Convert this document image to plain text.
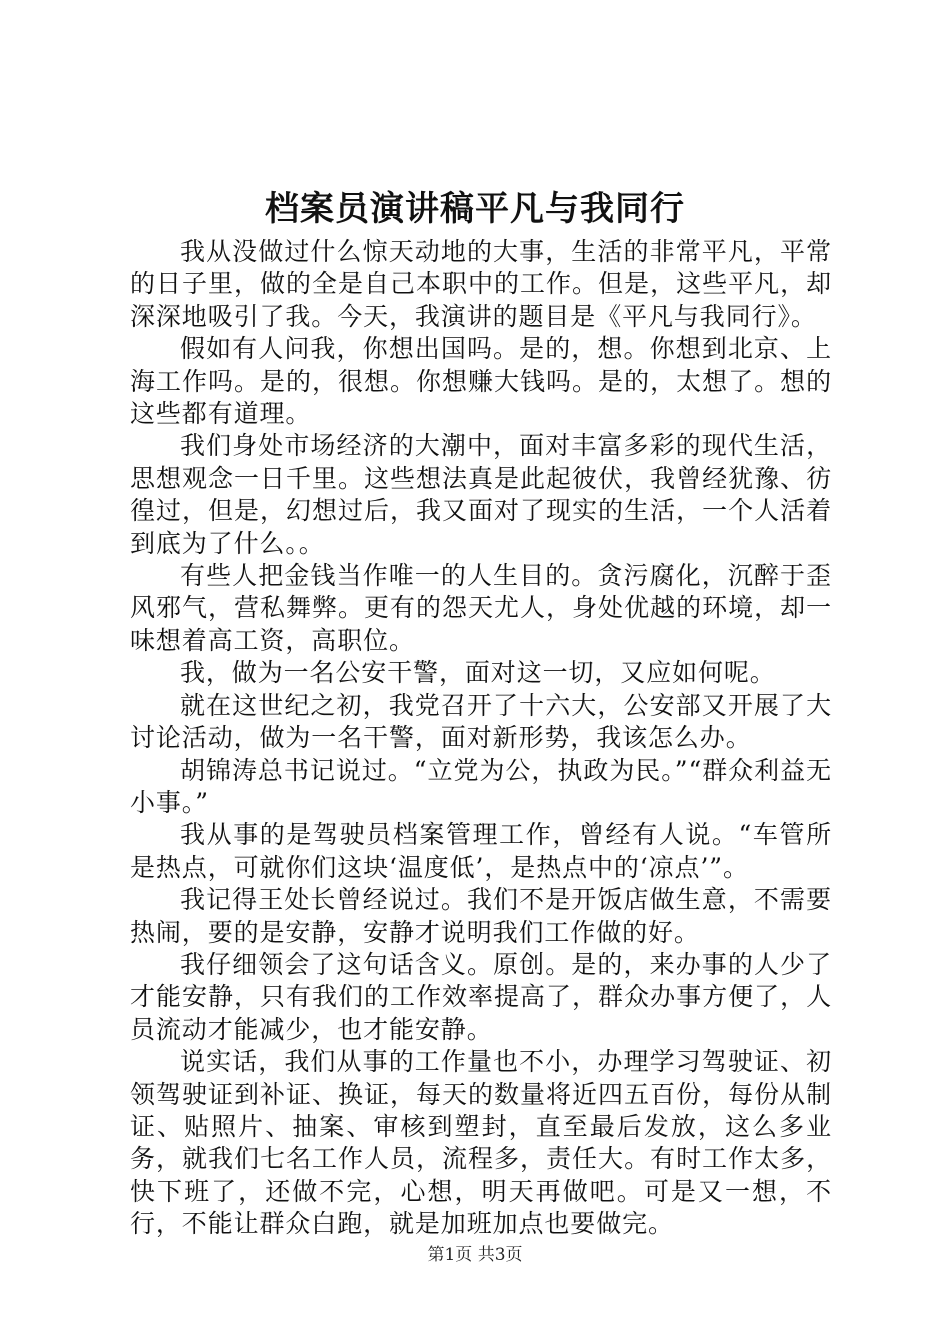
档案员演讲稿平凡与我同行

我从没做过什么惊天动地的大事，生活的非常平凡，平常的日子里，做的全是自己本职中的工作。但是，这些平凡，却深深地吸引了我。今天，我演讲的题目是《平凡与我同行》。

假如有人问我，你想出国吗。是的，想。你想到北京、上海工作吗。是的，很想。你想赚大钱吗。是的，太想了。想的这些都有道理。

我们身处市场经济的大潮中，面对丰富多彩的现代生活，思想观念一日千里。这些想法真是此起彼伏，我曾经犹豫、彷徨过，但是，幻想过后，我又面对了现实的生活，一个人活着到底为了什么。。

有些人把金钱当作唯一的人生目的。贪污腐化，沉醉于歪风邪气，营私舞弊。更有的怨天尤人，身处优越的环境，却一味想着高工资，高职位。

我，做为一名公安干警，面对这一切，又应如何呢。

就在这世纪之初，我党召开了十六大，公安部又开展了大讨论活动，做为一名干警，面对新形势，我该怎么办。

胡锦涛总书记说过。“立党为公，执政为民。”“群众利益无小事。”

我从事的是驾驶员档案管理工作，曾经有人说。“车管所是热点，可就你们这块‘温度低’，是热点中的‘凉点’”。

我记得王处长曾经说过。我们不是开饭店做生意，不需要热闹，要的是安静，安静才说明我们工作做的好。

我仔细领会了这句话含义。原创。是的，来办事的人少了才能安静，只有我们的工作效率提高了，群众办事方便了，人员流动才能减少，也才能安静。

说实话，我们从事的工作量也不小，办理学习驾驶证、初领驾驶证到补证、换证，每天的数量将近四五百份，每份从制证、贴照片、抽案、审核到塑封，直至最后发放，这么多业务，就我们七名工作人员，流程多，责任大。有时工作太多，快下班了，还做不完，心想，明天再做吧。可是又一想，不行，不能让群众白跑，就是加班加点也要做完。

第1页 共3页
